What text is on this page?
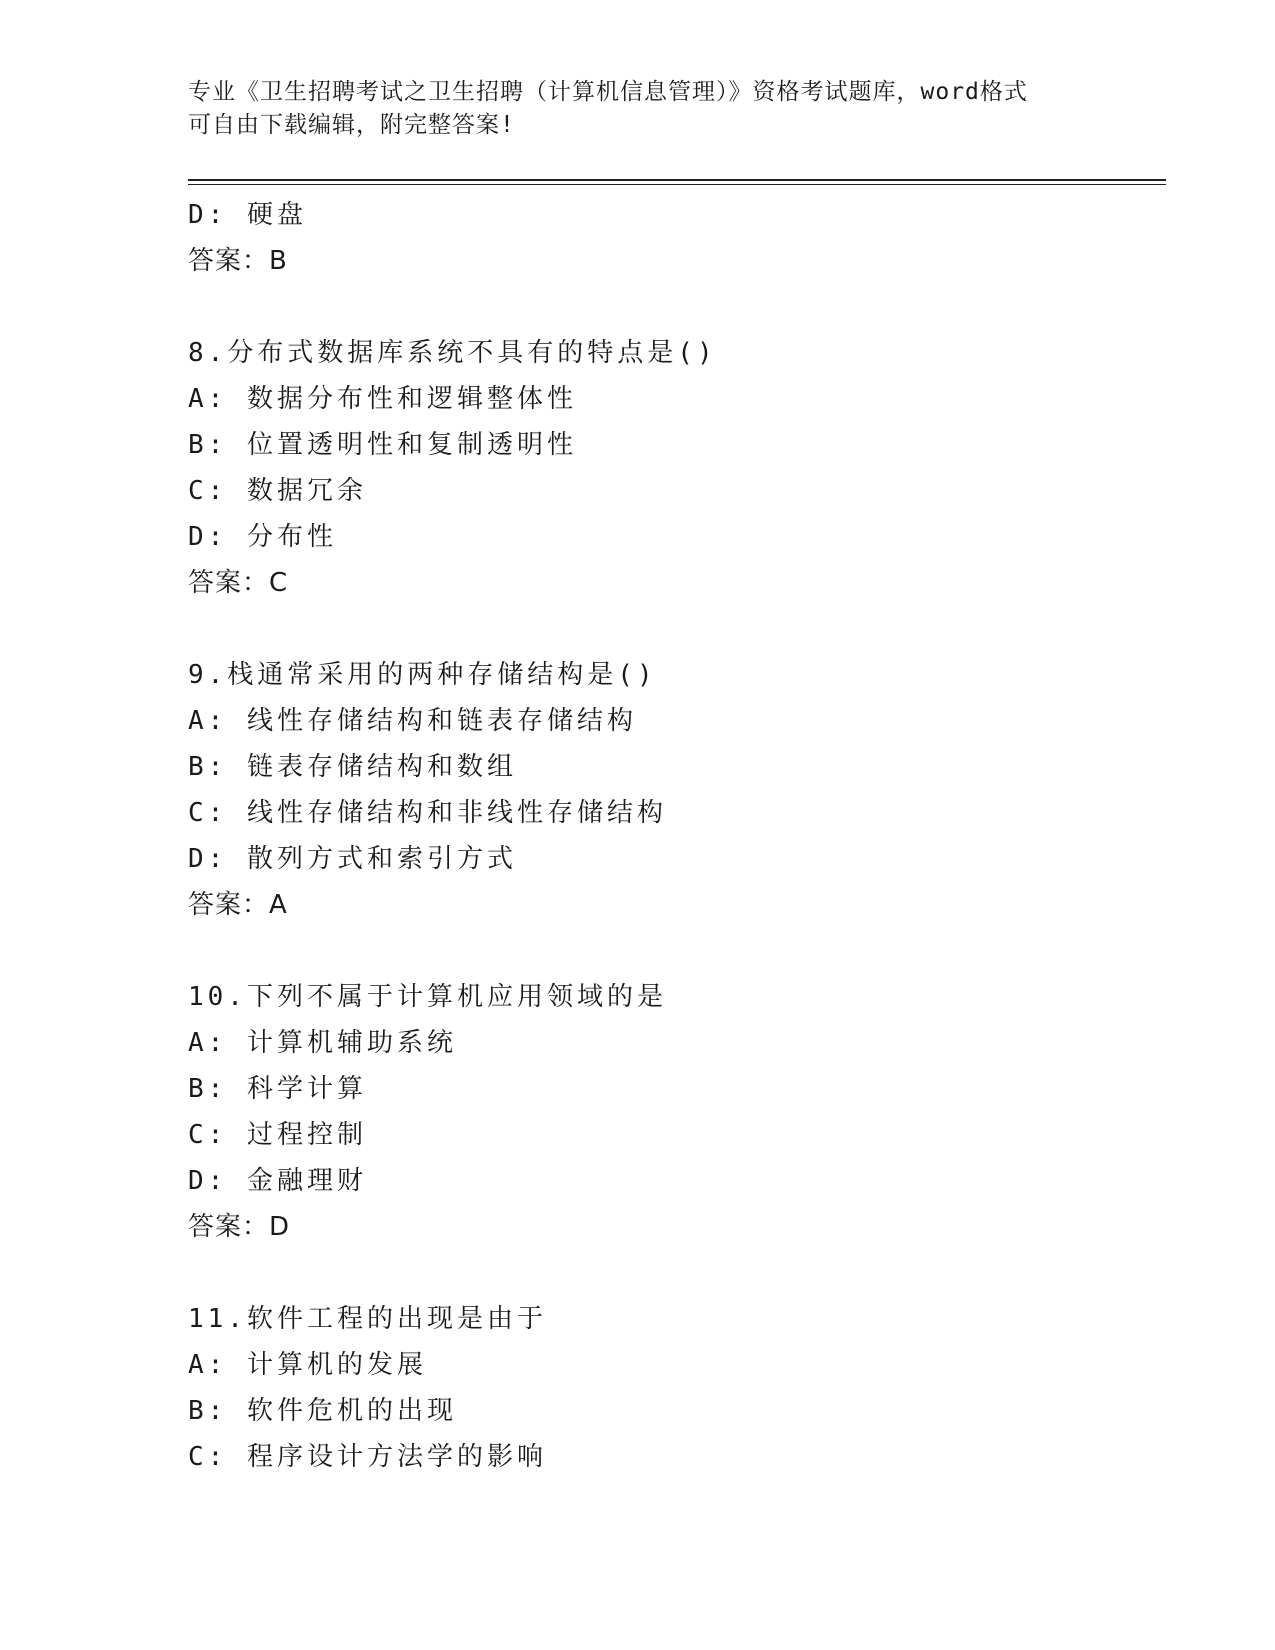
专业《卫生招聘考试之卫生招聘（计算机信息管理）》资格考试题库，word格式
可自由下载编辑，附完整答案!
D: 硬盘
答案：B
8.分布式数据库系统不具有的特点是()
A: 数据分布性和逻辑整体性
B: 位置透明性和复制透明性
C: 数据冗余
D: 分布性
答案：C
9.栈通常采用的两种存储结构是()
A: 线性存储结构和链表存储结构
B: 链表存储结构和数组
C: 线性存储结构和非线性存储结构
D: 散列方式和索引方式
答案：A
10.下列不属于计算机应用领域的是
A: 计算机辅助系统
B: 科学计算
C: 过程控制
D: 金融理财
答案：D
11.软件工程的出现是由于
A: 计算机的发展
B: 软件危机的出现
C: 程序设计方法学的影响
